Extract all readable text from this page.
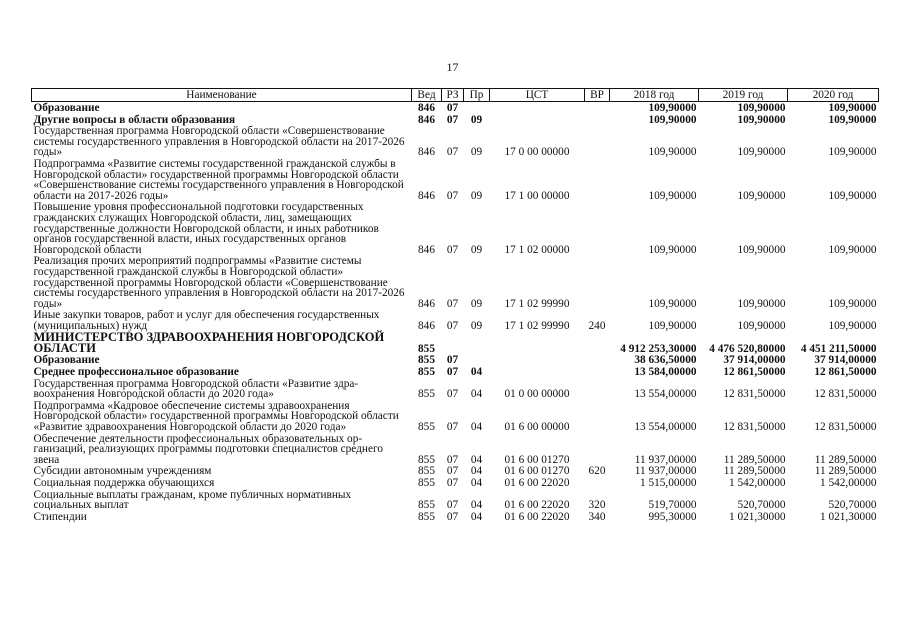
17
Наименование	Вед	РЗ	Пр	ЦСТ	ВР	2018 год	2019 год	2020 год
Образование	846	07				109,90000	109,90000	109,90000
Другие вопросы в области образования	846	07	09			109,90000	109,90000	109,90000
Государственная программа Новгородской области «Совершенствование системы государственного управления в Новгородской области на 2017-2026 годы»	846	07	09	17 0 00 00000		109,90000	109,90000	109,90000
Подпрограмма «Развитие системы государственной гражданской службы в Новгородской области» государственной программы Новгородской области «Совершенствование системы государственного управления в Новгородской области на 2017-2026 годы»	846	07	09	17 1 00 00000		109,90000	109,90000	109,90000
Повышение уровня профессиональной подготовки государственных гражданских служащих Новгородской области, лиц, замещающих государственные должности Новгородской области, и иных работников органов государственной власти, иных государственных органов Новгородской области	846	07	09	17 1 02 00000		109,90000	109,90000	109,90000
Реализация прочих мероприятий подпрограммы «Развитие системы государственной гражданской службы в Новгородской области» государственной программы Новгородской области «Совершенствование системы государственного управления в Новгородской области на 2017-2026 годы»	846	07	09	17 1 02 99990		109,90000	109,90000	109,90000
Иные закупки товаров, работ и услуг для обеспечения государственных (муниципальных) нужд	846	07	09	17 1 02 99990	240	109,90000	109,90000	109,90000
МИНИСТЕРСТВО ЗДРАВООХРАНЕНИЯ НОВГОРОДСКОЙ ОБЛАСТИ	855					4 912 253,30000	4 476 520,80000	4 451 211,50000
Образование	855	07				38 636,50000	37 914,00000	37 914,00000
Среднее профессиональное образование	855	07	04			13 584,00000	12 861,50000	12 861,50000
Государственная программа Новгородской области «Развитие здравоохранения Новгородской области до 2020 года»	855	07	04	01 0 00 00000		13 554,00000	12 831,50000	12 831,50000
Подпрограмма «Кадровое обеспечение системы здравоохранения Новгородской области» государственной программы Новгородской области «Развитие здравоохранения Новгородской области до 2020 года»	855	07	04	01 6 00 00000		13 554,00000	12 831,50000	12 831,50000
Обеспечение деятельности профессиональных образовательных организаций, реализующих программы подготовки специалистов среднего звена	855	07	04	01 6 00 01270		11 937,00000	11 289,50000	11 289,50000
Субсидии автономным учреждениям	855	07	04	01 6 00 01270	620	11 937,00000	11 289,50000	11 289,50000
Социальная поддержка обучающихся	855	07	04	01 6 00 22020		1 515,00000	1 542,00000	1 542,00000
Социальные выплаты гражданам, кроме публичных нормативных социальных выплат	855	07	04	01 6 00 22020	320	519,70000	520,70000	520,70000
Стипендии	855	07	04	01 6 00 22020	340	995,30000	1 021,30000	1 021,30000
